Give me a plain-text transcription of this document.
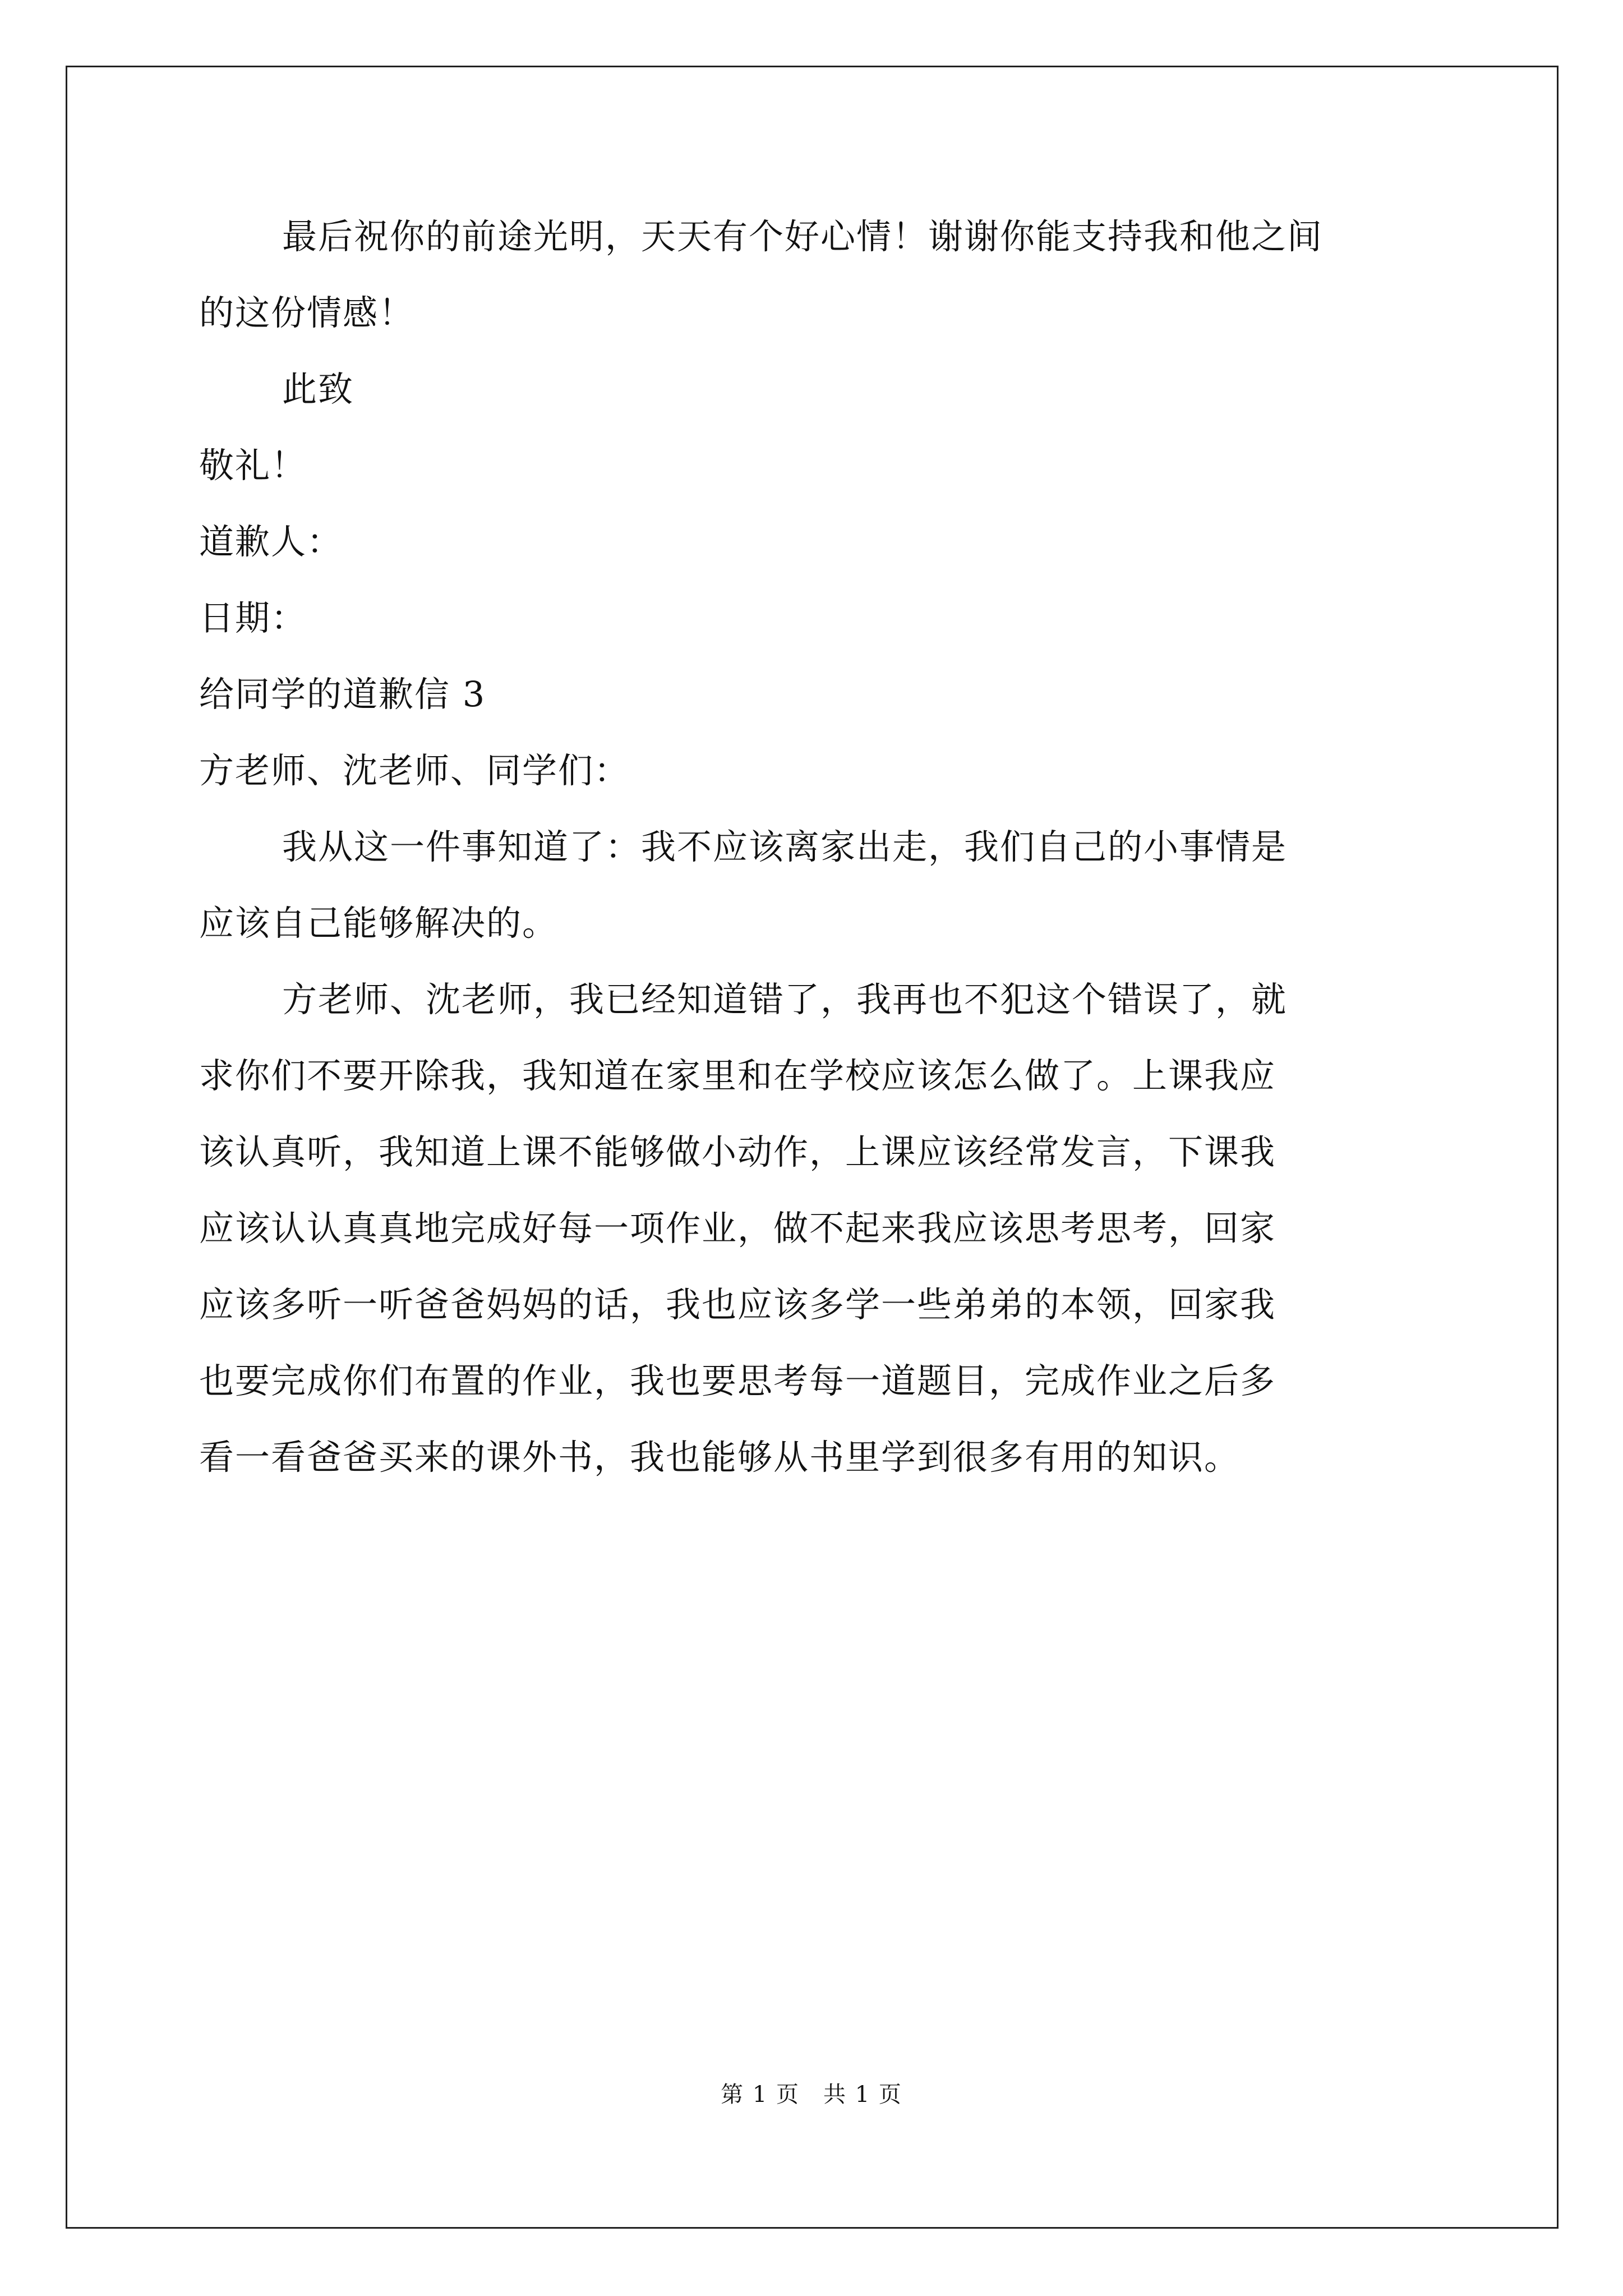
最后祝你的前途光明，天天有个好心情！谢谢你能支持我和他之间
的这份情感！
此致
敬礼！
道歉人：
日期：
给同学的道歉信 3
方老师、沈老师、同学们：
我从这一件事知道了：我不应该离家出走，我们自己的小事情是
应该自己能够解决的。
方老师、沈老师，我已经知道错了，我再也不犯这个错误了，就
求你们不要开除我，我知道在家里和在学校应该怎么做了。上课我应
该认真听，我知道上课不能够做小动作，上课应该经常发言，下课我
应该认认真真地完成好每一项作业，做不起来我应该思考思考，回家
应该多听一听爸爸妈妈的话，我也应该多学一些弟弟的本领，回家我
也要完成你们布置的作业，我也要思考每一道题目，完成作业之后多
看一看爸爸买来的课外书，我也能够从书里学到很多有用的知识。
第 1 页　共 1 页
